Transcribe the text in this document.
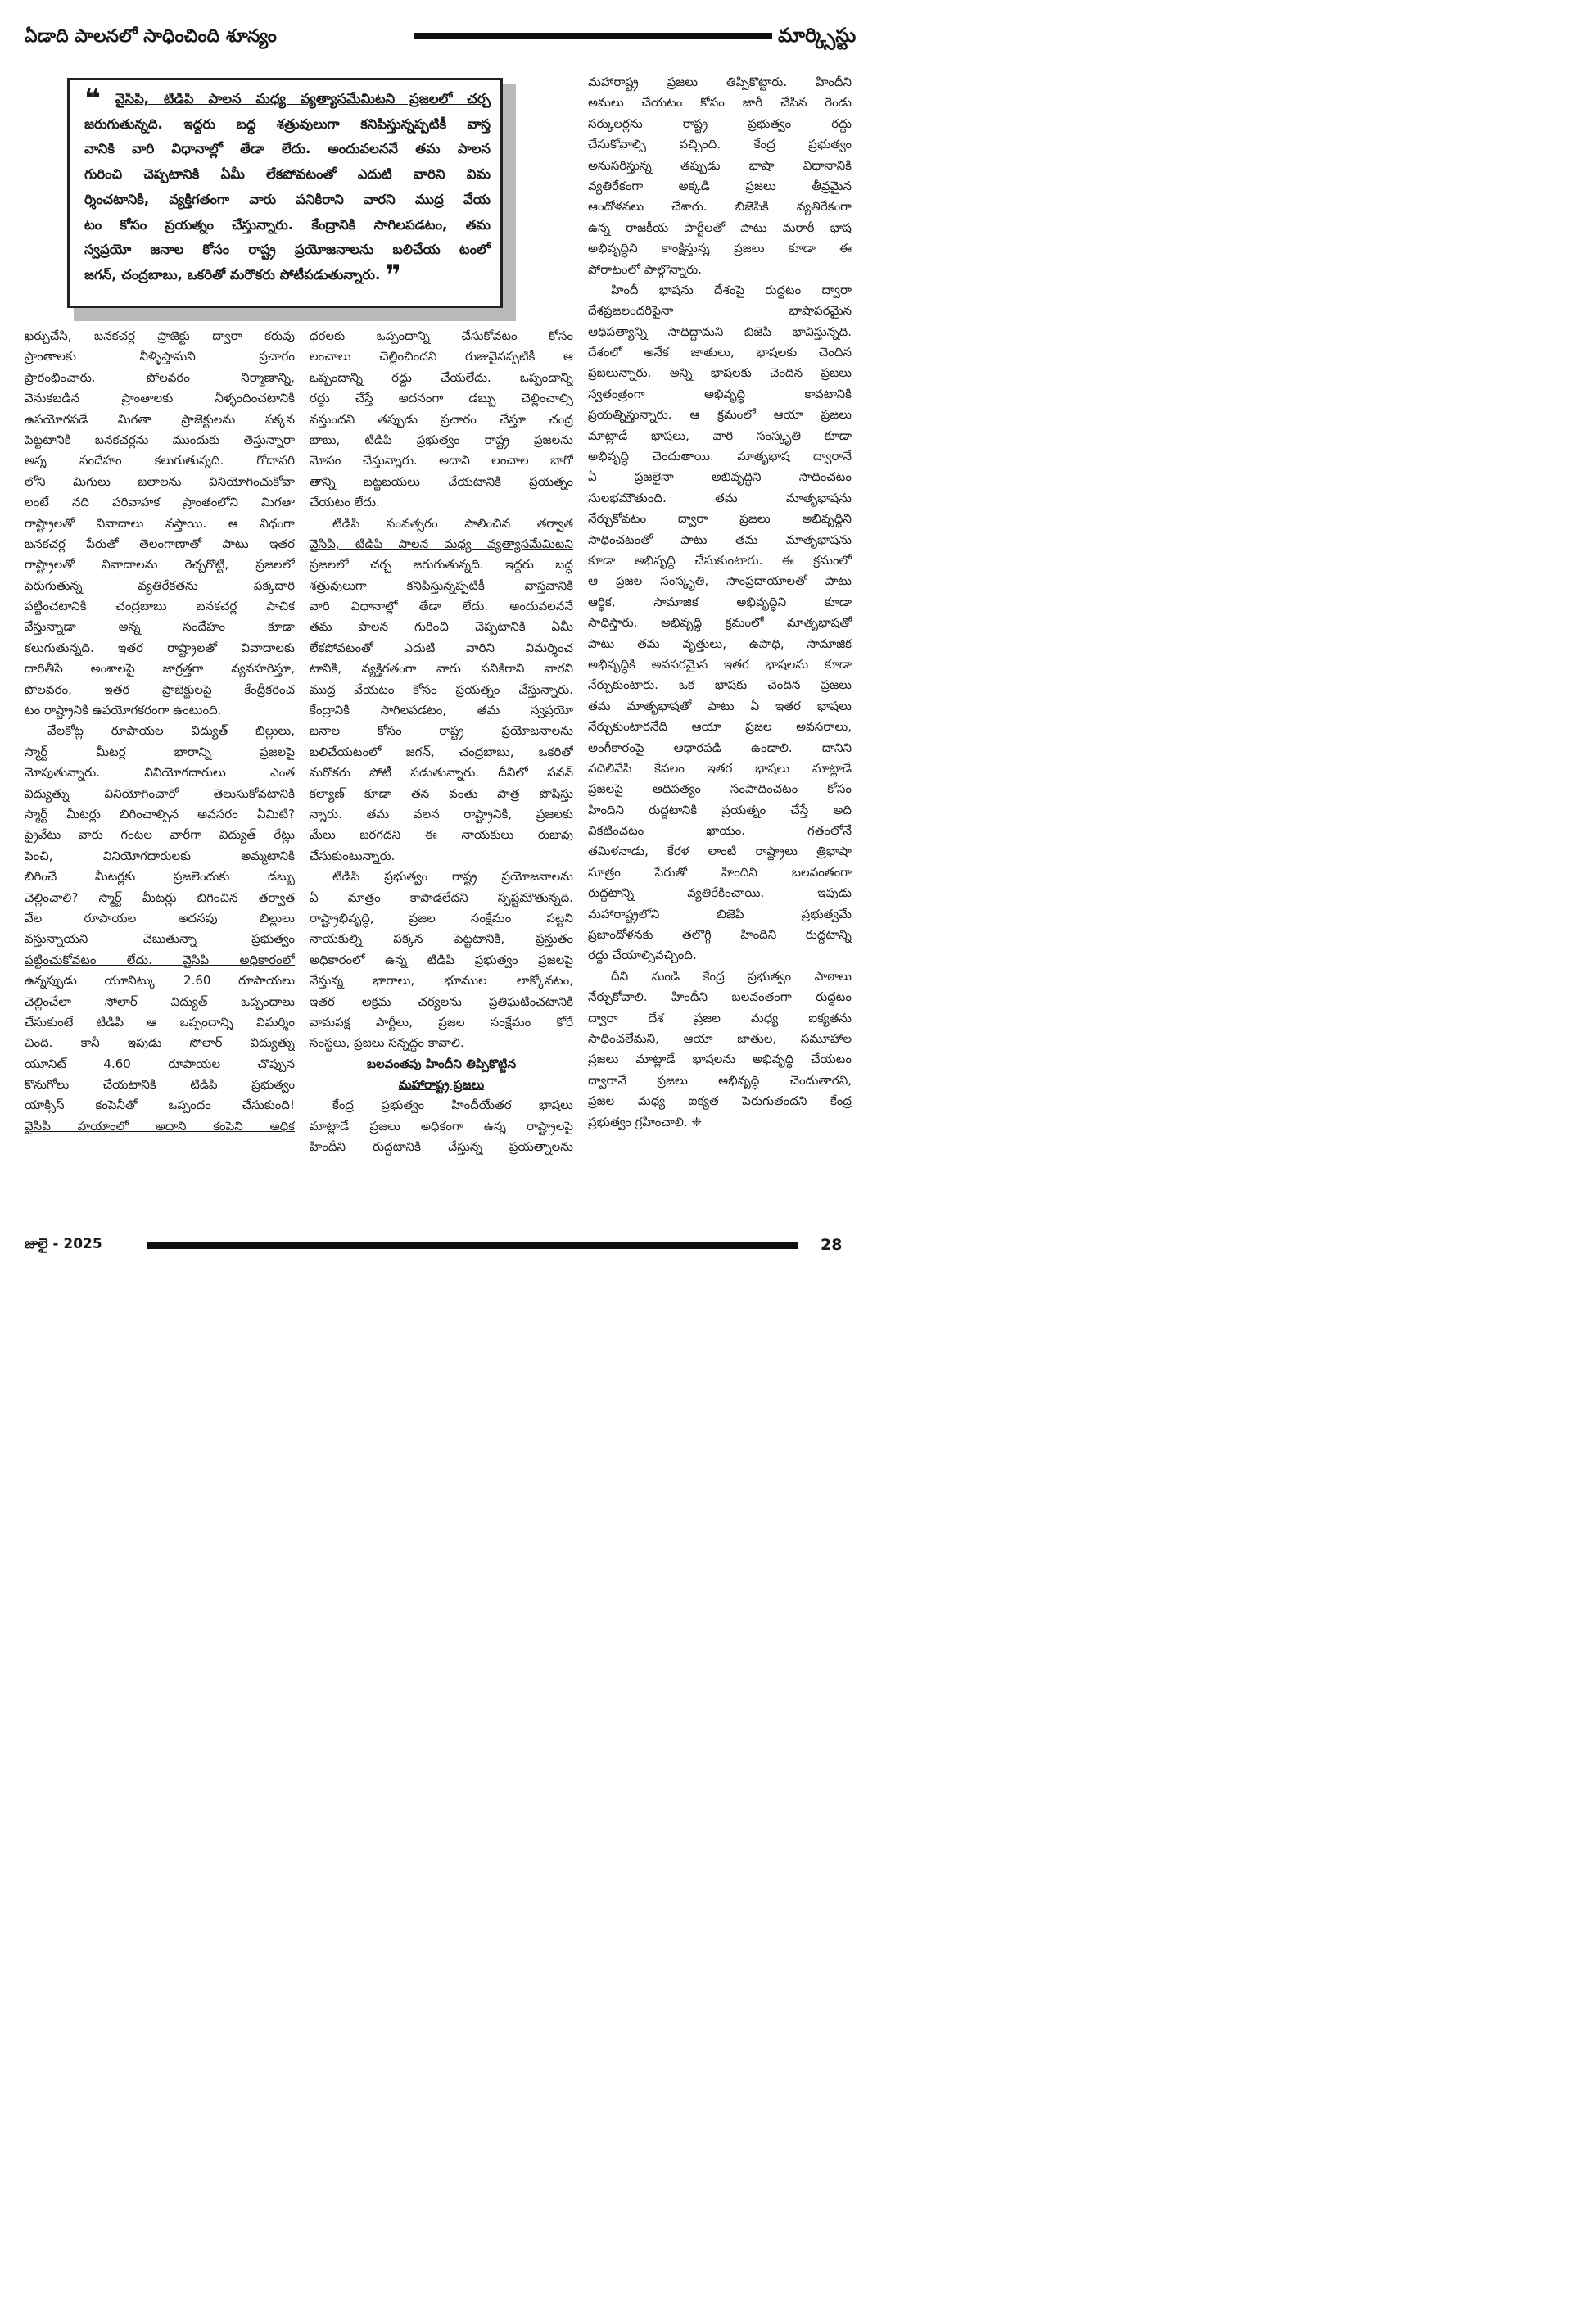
ఏడాది పాలనలో సాధించింది శూన్యం	మార్క్సిస్టు
❝ వైసిపి, టిడిపి పాలన మధ్య వ్యత్యాసమేమిటని ప్రజలలో చర్చ
జరుగుతున్నది. ఇద్దరు బద్ధ శత్రువులుగా కనిపిస్తున్నప్పటికీ వాస్త
వానికి వారి విధానాల్లో తేడా లేదు. అందువలననే తమ పాలన
గురించి చెప్పటానికి ఏమీ లేకపోవటంతో ఎదుటి వారిని విమ
ర్శించటానికి, వ్యక్తిగతంగా వారు పనికిరాని వారని ముద్ర వేయ
టం కోసం ప్రయత్నం చేస్తున్నారు. కేంద్రానికి సాగిలపడటం, తమ
స్వప్రయో జనాల కోసం రాష్ట్ర ప్రయోజనాలను బలిచేయ టంలో
జగన్, చంద్రబాబు, ఒకరితో మరొకరు పోటీపడుతున్నారు. ❞
ఖర్చుచేసి, బనకచర్ల ప్రాజెక్టు ద్వారా కరువు
ప్రాంతాలకు నీళ్ళిస్తామని ప్రచారం
ప్రారంభించారు. పోలవరం నిర్మాణాన్ని,
వెనుకబడిన ప్రాంతాలకు నీళ్ళందించటానికి
ఉపయోగపడే మిగతా ప్రాజెక్టులను పక్కన
పెట్టటానికి బనకచర్లను ముందుకు తెస్తున్నారా
అన్న సందేహం కలుగుతున్నది. గోదావరి
లోని మిగులు జలాలను వినియోగించుకోవా
లంటే నది పరివాహక ప్రాంతంలోని మిగతా
రాష్ట్రాలతో వివాదాలు వస్తాయి. ఆ విధంగా
బనకచర్ల పేరుతో తెలంగాణాతో పాటు ఇతర
రాష్ట్రాలతో వివాదాలను రెచ్చగొట్టి, ప్రజలలో
పెరుగుతున్న వ్యతిరేకతను పక్కదారి
పట్టించటానికి చంద్రబాబు బనకచర్ల పాచిక
వేస్తున్నాడా అన్న సందేహం కూడా
కలుగుతున్నది. ఇతర రాష్ట్రాలతో వివాదాలకు
దారితీసే అంశాలపై జాగ్రత్తగా వ్యవహరిస్తూ,
పోలవరం, ఇతర ప్రాజెక్టులపై కేంద్రీకరించ
టం రాష్ట్రానికి ఉపయోగకరంగా ఉంటుంది.
వేలకోట్ల రూపాయల విద్యుత్ బిల్లులు,
స్మార్ట్ మీటర్ల భారాన్ని ప్రజలపై
మోపుతున్నారు. వినియోగదారులు ఎంత
విద్యుత్ను వినియోగించారో తెలుసుకోవటానికి
స్మార్ట్ మీటర్లు బిగించాల్సిన అవసరం ఏమిటి?
ప్రైవేటు వారు గంటల వారీగా విద్యుత్ రేట్లు
పెంచి, వినియోగదారులకు అమ్మటానికి
బిగించే మీటర్లకు ప్రజలెందుకు డబ్బు
చెల్లించాలి? స్మార్ట్ మీటర్లు బిగించిన తర్వాత
వేల రూపాయల అదనపు బిల్లులు
వస్తున్నాయని చెబుతున్నా ప్రభుత్వం
పట్టించుకోవటం లేదు. వైసిపి అధికారంలో
ఉన్నప్పుడు యూనిట్కు 2.60 రూపాయలు
చెల్లించేలా సోలార్ విద్యుత్ ఒప్పందాలు
చేసుకుంటే టిడిపి ఆ ఒప్పందాన్ని విమర్శిం
చింది. కానీ ఇపుడు సోలార్ విద్యుత్ను
యూనిట్ 4.60 రూపాయల చొప్పున
కొనుగోలు చేయటానికి టిడిపి ప్రభుత్వం
యాక్సిస్ కంపెనీతో ఒప్పందం చేసుకుంది!
వైసిపి హయాంలో అదాని కంపెని అధిక
ధరలకు ఒప్పందాన్ని చేసుకోవటం కోసం
లంచాలు చెల్లించిందని రుజువైనప్పటికీ ఆ
ఒప్పందాన్ని రద్దు చేయలేదు. ఒప్పందాన్ని
రద్దు చేస్తే అదనంగా డబ్బు చెల్లించాల్సి
వస్తుందని తప్పుడు ప్రచారం చేస్తూ చంద్ర
బాబు, టిడిపి ప్రభుత్వం రాష్ట్ర ప్రజలను
మోసం చేస్తున్నారు. అదాని లంచాల బాగో
తాన్ని బట్టబయలు చేయటానికి ప్రయత్నం
చేయటం లేదు.
టిడిపి సంవత్సరం పాలించిన తర్వాత
వైసిపి, టిడిపి పాలన మధ్య వ్యత్యాసమేమిటని
ప్రజలలో చర్చ జరుగుతున్నది. ఇద్దరు బద్ధ
శత్రువులుగా కనిపిస్తున్నప్పటికీ వాస్తవానికి
వారి విధానాల్లో తేడా లేదు. అందువలననే
తమ పాలన గురించి చెప్పటానికి ఏమీ
లేకపోవటంతో ఎదుటి వారిని విమర్శించ
టానికి, వ్యక్తిగతంగా వారు పనికిరాని వారని
ముద్ర వేయటం కోసం ప్రయత్నం చేస్తున్నారు.
కేంద్రానికి సాగిలపడటం, తమ స్వప్రయో
జనాల కోసం రాష్ట్ర ప్రయోజనాలను
బలిచేయటంలో జగన్, చంద్రబాబు, ఒకరితో
మరొకరు పోటీ పడుతున్నారు. దీనిలో పవన్
కల్యాణ్ కూడా తన వంతు పాత్ర పోషిస్తు
న్నారు. తమ వలన రాష్ట్రానికి, ప్రజలకు
మేలు జరగదని ఈ నాయకులు రుజువు
చేసుకుంటున్నారు.
టిడిపి ప్రభుత్వం రాష్ట్ర ప్రయోజనాలను
ఏ మాత్రం కాపాడలేదని స్పష్టమౌతున్నది.
రాష్ట్రాభివృద్ధి, ప్రజల సంక్షేమం పట్టని
నాయకుల్ని పక్కన పెట్టటానికి, ప్రస్తుతం
అధికారంలో ఉన్న టిడిపి ప్రభుత్వం ప్రజలపై
వేస్తున్న భారాలు, భూముల లాక్కోవటం,
ఇతర అక్రమ చర్యలను ప్రతిఘటించటానికి
వామపక్ష పార్టీలు, ప్రజల సంక్షేమం కోరే
సంస్థలు, ప్రజలు సన్నద్ధం కావాలి.
బలవంతపు హిందీని తిప్పికొట్టిన
మహారాష్ట్ర ప్రజలు
కేంద్ర ప్రభుత్వం హిందీయేతర భాషలు
మాట్లాడే ప్రజలు అధికంగా ఉన్న రాష్ట్రాలపై
హిందీని రుద్దటానికి చేస్తున్న ప్రయత్నాలను
మహారాష్ట్ర ప్రజలు తిప్పికొట్టారు. హిందీని
అమలు చేయటం కోసం జారీ చేసిన రెండు
సర్కులర్లను రాష్ట్ర ప్రభుత్వం రద్దు
చేసుకోవాల్సి వచ్చింది. కేంద్ర ప్రభుత్వం
అనుసరిస్తున్న తప్పుడు భాషా విధానానికి
వ్యతిరేకంగా అక్కడి ప్రజలు తీవ్రమైన
ఆందోళనలు చేశారు. బిజెపికి వ్యతిరేకంగా
ఉన్న రాజకీయ పార్టీలతో పాటు మరాఠీ భాష
అభివృద్ధిని కాంక్షిస్తున్న ప్రజలు కూడా ఈ
పోరాటంలో పాల్గొన్నారు.
హిందీ భాషను దేశంపై రుద్దటం ద్వారా
దేశప్రజలందరిపైనా భాషాపరమైన
ఆధిపత్యాన్ని సాధిద్దామని బిజెపి భావిస్తున్నది.
దేశంలో అనేక జాతులు, భాషలకు చెందిన
ప్రజలున్నారు. అన్ని భాషలకు చెందిన ప్రజలు
స్వతంత్రంగా అభివృద్ధి కావటానికి
ప్రయత్నిస్తున్నారు. ఆ క్రమంలో ఆయా ప్రజలు
మాట్లాడే భాషలు, వారి సంస్కృతి కూడా
అభివృద్ధి చెందుతాయి. మాతృభాష ద్వారానే
ఏ ప్రజలైనా అభివృద్ధిని సాధించటం
సులభమౌతుంది. తమ మాతృభాషను
నేర్చుకోవటం ద్వారా ప్రజలు అభివృద్ధిని
సాధించటంతో పాటు తమ మాతృభాషను
కూడా అభివృద్ధి చేసుకుంటారు. ఈ క్రమంలో
ఆ ప్రజల సంస్కృతి, సాంప్రదాయాలతో పాటు
ఆర్థిక, సామాజిక అభివృద్ధిని కూడా
సాధిస్తారు. అభివృద్ధి క్రమంలో మాతృభాషతో
పాటు తమ వృత్తులు, ఉపాధి, సామాజిక
అభివృద్ధికి అవసరమైన ఇతర భాషలను కూడా
నేర్చుకుంటారు. ఒక భాషకు చెందిన ప్రజలు
తమ మాతృభాషతో పాటు ఏ ఇతర భాషలు
నేర్చుకుంటారనేది ఆయా ప్రజల అవసరాలు,
అంగీకారంపై ఆధారపడి ఉండాలి. దానిని
వదిలివేసి కేవలం ఇతర భాషలు మాట్లాడే
ప్రజలపై ఆధిపత్యం సంపాదించటం కోసం
హిందిని రుద్దటానికి ప్రయత్నం చేస్తే అది
వికటించటం ఖాయం. గతంలోనే
తమిళనాడు, కేరళ లాంటి రాష్ట్రాలు త్రిభాషా
సూత్రం పేరుతో హిందిని బలవంతంగా
రుద్దటాన్ని వ్యతిరేకించాయి. ఇపుడు
మహారాష్ట్రలోని బిజెపి ప్రభుత్వమే
ప్రజాందోళనకు తలొగ్గి హిందిని రుద్దటాన్ని
రద్దు చేయాల్సివచ్చింది.
దీని నుండి కేంద్ర ప్రభుత్వం పాఠాలు
నేర్చుకోవాలి. హిందీని బలవంతంగా రుద్దటం
ద్వారా దేశ ప్రజల మధ్య ఐక్యతను
సాధించలేమని, ఆయా జాతుల, సమూహాల
ప్రజలు మాట్లాడే భాషలను అభివృద్ధి చేయటం
ద్వారానే ప్రజలు అభివృద్ధి చెందుతారని,
ప్రజల మధ్య ఐక్యత పెరుగుతందని కేంద్ర
ప్రభుత్వం గ్రహించాలి. ❈
జులై - 2025	28
